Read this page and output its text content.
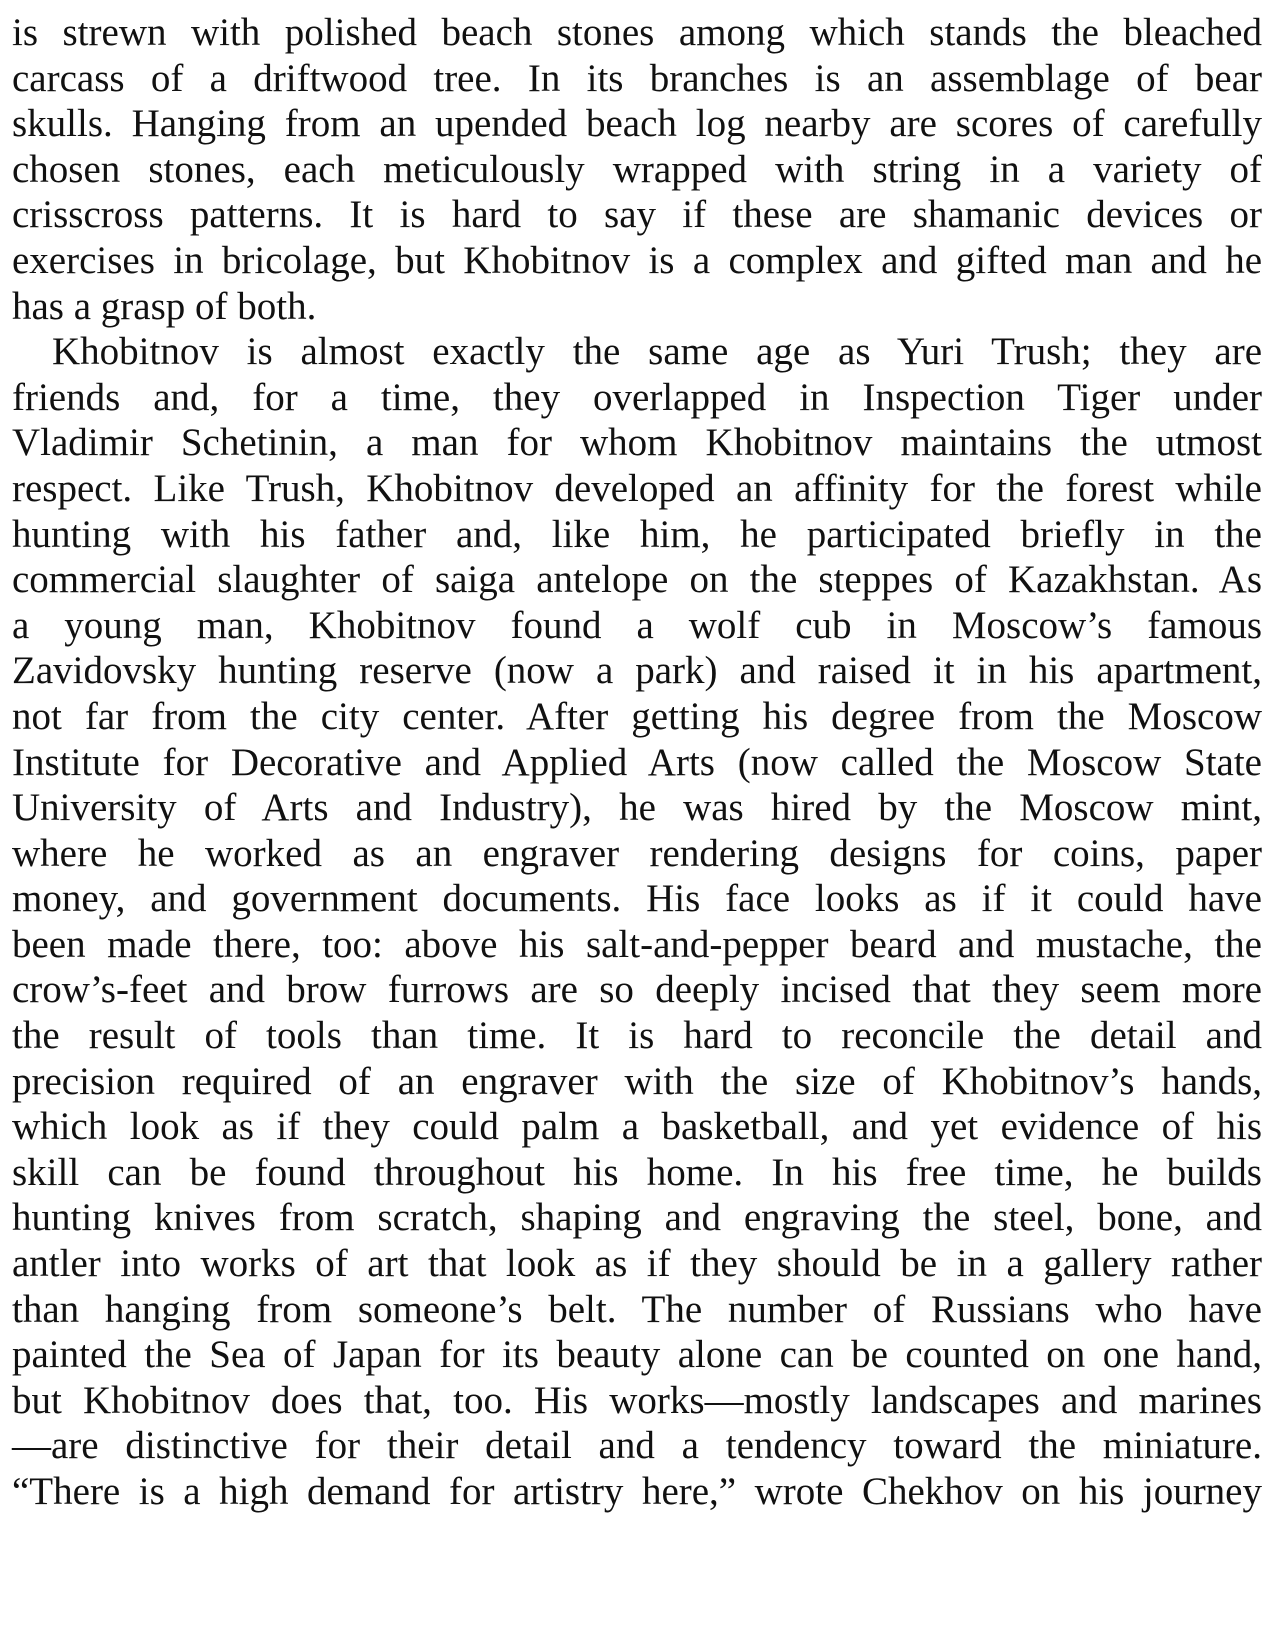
is strewn with polished beach stones among which stands the bleached
carcass of a driftwood tree. In its branches is an assemblage of bear
skulls. Hanging from an upended beach log nearby are scores of carefully
chosen stones, each meticulously wrapped with string in a variety of
crisscross patterns. It is hard to say if these are shamanic devices or
exercises in bricolage, but Khobitnov is a complex and gifted man and he
has a grasp of both.
Khobitnov is almost exactly the same age as Yuri Trush; they are
friends and, for a time, they overlapped in Inspection Tiger under
Vladimir Schetinin, a man for whom Khobitnov maintains the utmost
respect. Like Trush, Khobitnov developed an affinity for the forest while
hunting with his father and, like him, he participated briefly in the
commercial slaughter of saiga antelope on the steppes of Kazakhstan. As
a young man, Khobitnov found a wolf cub in Moscow’s famous
Zavidovsky hunting reserve (now a park) and raised it in his apartment,
not far from the city center. After getting his degree from the Moscow
Institute for Decorative and Applied Arts (now called the Moscow State
University of Arts and Industry), he was hired by the Moscow mint,
where he worked as an engraver rendering designs for coins, paper
money, and government documents. His face looks as if it could have
been made there, too: above his salt-and-pepper beard and mustache, the
crow’s-feet and brow furrows are so deeply incised that they seem more
the result of tools than time. It is hard to reconcile the detail and
precision required of an engraver with the size of Khobitnov’s hands,
which look as if they could palm a basketball, and yet evidence of his
skill can be found throughout his home. In his free time, he builds
hunting knives from scratch, shaping and engraving the steel, bone, and
antler into works of art that look as if they should be in a gallery rather
than hanging from someone’s belt. The number of Russians who have
painted the Sea of Japan for its beauty alone can be counted on one hand,
but Khobitnov does that, too. His works—mostly landscapes and marines
—are distinctive for their detail and a tendency toward the miniature.
“There is a high demand for artistry here,” wrote Chekhov on his journey
